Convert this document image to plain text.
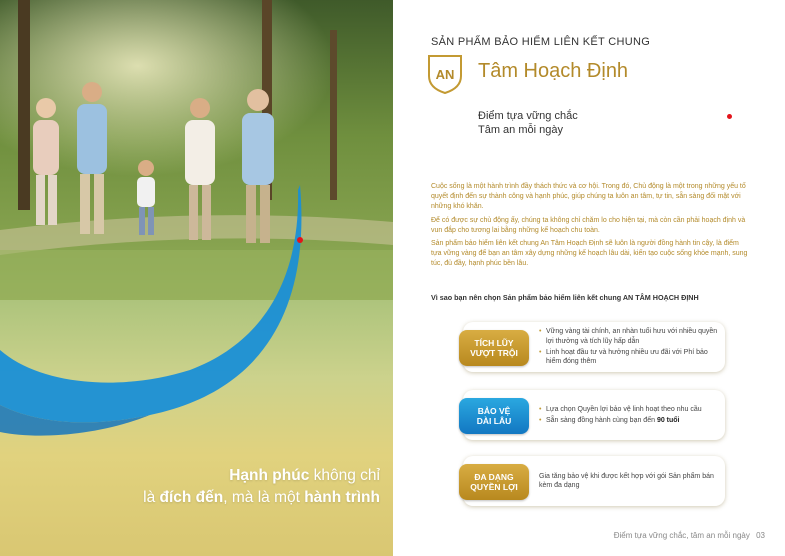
Hạnh phúc không chỉ
là đích đến, mà là một hành trình
SẢN PHẨM BẢO HIỂM LIÊN KẾT CHUNG
AN Tâm Hoạch Định
Điểm tựa vững chắc
Tâm an mỗi ngày

Cuộc sống là một hành trình đầy thách thức và cơ hội. Trong đó, Chủ động là một trong những yếu tố quyết định đến sự thành công và hạnh phúc, giúp chúng ta luôn an tâm, tự tin, sẵn sàng đối mặt với những khó khăn.

Để có được sự chủ động ấy, chúng ta không chỉ chăm lo cho hiện tại, mà còn cần phải hoạch định và vun đắp cho tương lai bằng những kế hoạch chu toàn.

Sản phẩm bảo hiểm liên kết chung An Tâm Hoạch Định sẽ luôn là người đồng hành tin cậy, là điểm tựa vững vàng để bạn an tâm xây dựng những kế hoạch lâu dài, kiến tạo cuộc sống khỏe mạnh, sung túc, đủ đầy, hạnh phúc bền lâu.

Vì sao bạn nên chọn Sản phẩm bảo hiểm liên kết chung AN TÂM HOẠCH ĐỊNH
TÍCH LŨY
VƯỢT TRỘI
• Vững vàng tài chính, an nhàn tuổi hưu với nhiều quyền lợi thưởng và tích lũy hấp dẫn
• Linh hoạt đầu tư và hưởng nhiều ưu đãi với Phí bảo hiểm đóng thêm
BẢO VỆ
DÀI LÂU
• Lựa chọn Quyền lợi bảo vệ linh hoạt theo nhu cầu
• Sẵn sàng đồng hành cùng bạn đến 90 tuổi
ĐA DẠNG
QUYỀN LỢI
Gia tăng bảo vệ khi được kết hợp với gói Sản phẩm bán kèm đa dạng
Điểm tựa vững chắc, tâm an mỗi ngày 03
